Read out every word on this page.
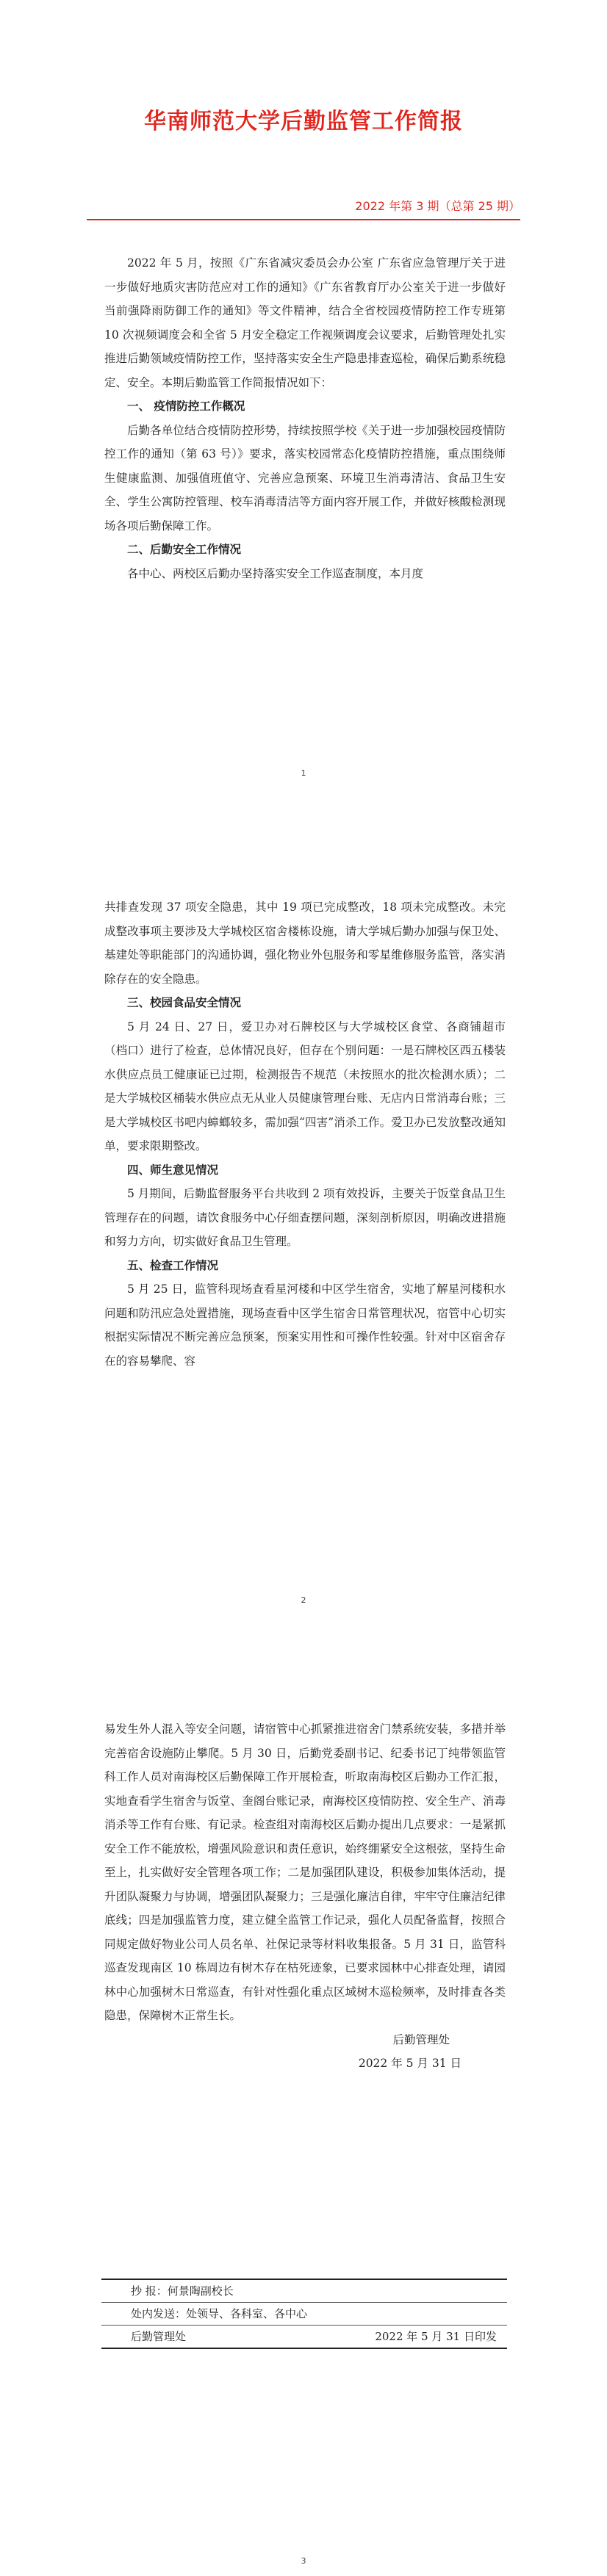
华南师范大学后勤监管工作简报
2022 年第 3 期（总第 25 期）

2022 年 5 月，按照《广东省减灾委员会办公室 广东省应急管理厅关于进一步做好地质灾害防范应对工作的通知》《广东省教育厅办公室关于进一步做好当前强降雨防御工作的通知》等文件精神，结合全省校园疫情防控工作专班第 10 次视频调度会和全省 5 月安全稳定工作视频调度会议要求，后勤管理处扎实推进后勤领域疫情防控工作，坚持落实安全生产隐患排查巡检，确保后勤系统稳定、安全。本期后勤监管工作简报情况如下：

一、 疫情防控工作概况

后勤各单位结合疫情防控形势，持续按照学校《关于进一步加强校园疫情防控工作的通知（第 63 号）》要求，落实校园常态化疫情防控措施，重点围绕师生健康监测、加强值班值守、完善应急预案、环境卫生消毒清洁、食品卫生安全、学生公寓防控管理、校车消毒清洁等方面内容开展工作，并做好核酸检测现场各项后勤保障工作。

二、后勤安全工作情况

各中心、两校区后勤办坚持落实安全工作巡查制度，本月度

1

共排查发现 37 项安全隐患，其中 19 项已完成整改，18 项未完成整改。未完成整改事项主要涉及大学城校区宿舍楼栋设施，请大学城后勤办加强与保卫处、基建处等职能部门的沟通协调，强化物业外包服务和零星维修服务监管，落实消除存在的安全隐患。

三、校园食品安全情况

5 月 24 日、27 日，爱卫办对石牌校区与大学城校区食堂、各商铺超市（档口）进行了检查，总体情况良好，但存在个别问题：一是石牌校区西五楼装水供应点员工健康证已过期，检测报告不规范（未按照水的批次检测水质）；二是大学城校区桶装水供应点无从业人员健康管理台账、无店内日常消毒台账；三是大学城校区书吧内蟑螂较多，需加强“四害”消杀工作。爱卫办已发放整改通知单，要求限期整改。

四、师生意见情况

5 月期间，后勤监督服务平台共收到 2 项有效投诉，主要关于饭堂食品卫生管理存在的问题，请饮食服务中心仔细查摆问题，深刻剖析原因，明确改进措施和努力方向，切实做好食品卫生管理。

五、检查工作情况

5 月 25 日，监管科现场查看星河楼和中区学生宿舍，实地了解星河楼积水问题和防汛应急处置措施，现场查看中区学生宿舍日常管理状况，宿管中心切实根据实际情况不断完善应急预案，预案实用性和可操作性较强。针对中区宿舍存在的容易攀爬、容

2

易发生外人混入等安全问题，请宿管中心抓紧推进宿舍门禁系统安装，多措并举完善宿舍设施防止攀爬。5 月 30 日，后勤党委副书记、纪委书记丁纯带领监管科工作人员对南海校区后勤保障工作开展检查，听取南海校区后勤办工作汇报，实地查看学生宿舍与饭堂、奎阁台账记录，南海校区疫情防控、安全生产、消毒消杀等工作有台账、有记录。检查组对南海校区后勤办提出几点要求：一是紧抓安全工作不能放松，增强风险意识和责任意识，始终绷紧安全这根弦，坚持生命至上，扎实做好安全管理各项工作；二是加强团队建设，积极参加集体活动，提升团队凝聚力与协调，增强团队凝聚力；三是强化廉洁自律，牢牢守住廉洁纪律底线；四是加强监管力度，建立健全监管工作记录，强化人员配备监督，按照合同规定做好物业公司人员名单、社保记录等材料收集报备。5 月 31 日，监管科巡查发现南区 10 栋周边有树木存在枯死迹象，已要求园林中心排查处理，请园林中心加强树木日常巡查，有针对性强化重点区域树木巡检频率，及时排查各类隐患，保障树木正常生长。

后勤管理处

2022 年 5 月 31 日

抄 报： 何景陶副校长
处内发送： 处领导、各科室、各中心
后勤管理处	2022 年 5 月 31 日印发
3
